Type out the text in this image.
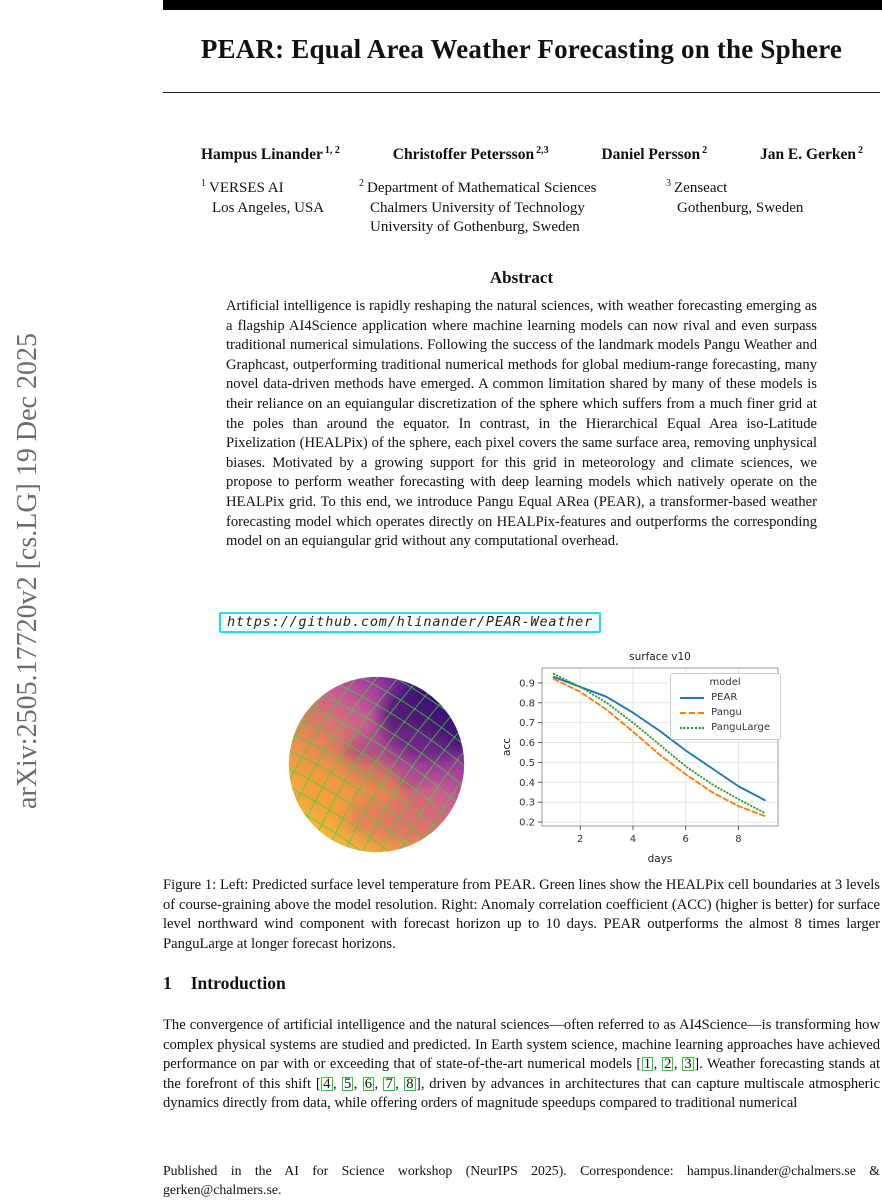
arXiv:2505.17720v2 [cs.LG] 19 Dec 2025
PEAR: Equal Area Weather Forecasting on the Sphere
Hampus Linander $^{1, 2}$	Christoffer Petersson $^{2,3}$	Daniel Persson $^2$	Jan E. Gerken $^2$
$^1$ VERSES AI
Los Angeles, USA
$^2$ Department of Mathematical Sciences
Chalmers University of Technology
University of Gothenburg, Sweden
$^3$ Zenseact
Gothenburg, Sweden
Abstract
Artificial intelligence is rapidly reshaping the natural sciences, with weather forecasting emerging as a flagship AI4Science application where machine learning models can now rival and even surpass traditional numerical simulations. Following the success of the landmark models Pangu Weather and Graphcast, outperforming traditional numerical methods for global medium-range forecasting, many novel data-driven methods have emerged. A common limitation shared by many of these models is their reliance on an equiangular discretization of the sphere which suffers from a much finer grid at the poles than around the equator. In contrast, in the Hierarchical Equal Area iso-Latitude Pixelization (HEALPix) of the sphere, each pixel covers the same surface area, removing unphysical biases. Motivated by a growing support for this grid in meteorology and climate sciences, we propose to perform weather forecasting with deep learning models which natively operate on the HEALPix grid. To this end, we introduce Pangu Equal ARea (PEAR), a transformer-based weather forecasting model which operates directly on HEALPix-features and outperforms the corresponding model on an equiangular grid without any computational overhead.
https://github.com/hlinander/PEAR-Weather
2	4	6	8
0.2
0.3
0.4
0.5
0.6
0.7
0.8
0.9
surface v10
days
acc
model
PEAR
Pangu
PanguLarge
Figure 1: Left: Predicted surface level temperature from PEAR. Green lines show the HEALPix cell boundaries at 3 levels of course-graining above the model resolution. Right: Anomaly correlation coefficient (ACC) (higher is better) for surface level northward wind component with forecast horizon up to 10 days. PEAR outperforms the almost 8 times larger PanguLarge at longer forecast horizons.
1 Introduction
The convergence of artificial intelligence and the natural sciences—often referred to as AI4Science—is transforming how complex physical systems are studied and predicted. In Earth system science, machine learning approaches have achieved performance on par with or exceeding that of state-of-the-art numerical models [ 1 , 2 , 3 ]. Weather forecasting stands at the forefront of this shift [ 4 , 5 , 6 , 7 , 8 ], driven by advances in architectures that can capture multiscale atmospheric dynamics directly from data, while offering orders of magnitude speedups compared to traditional numerical
Published in the AI for Science workshop (NeurIPS 2025). Correspondence: hampus.linander@chalmers.se & gerken@chalmers.se.
